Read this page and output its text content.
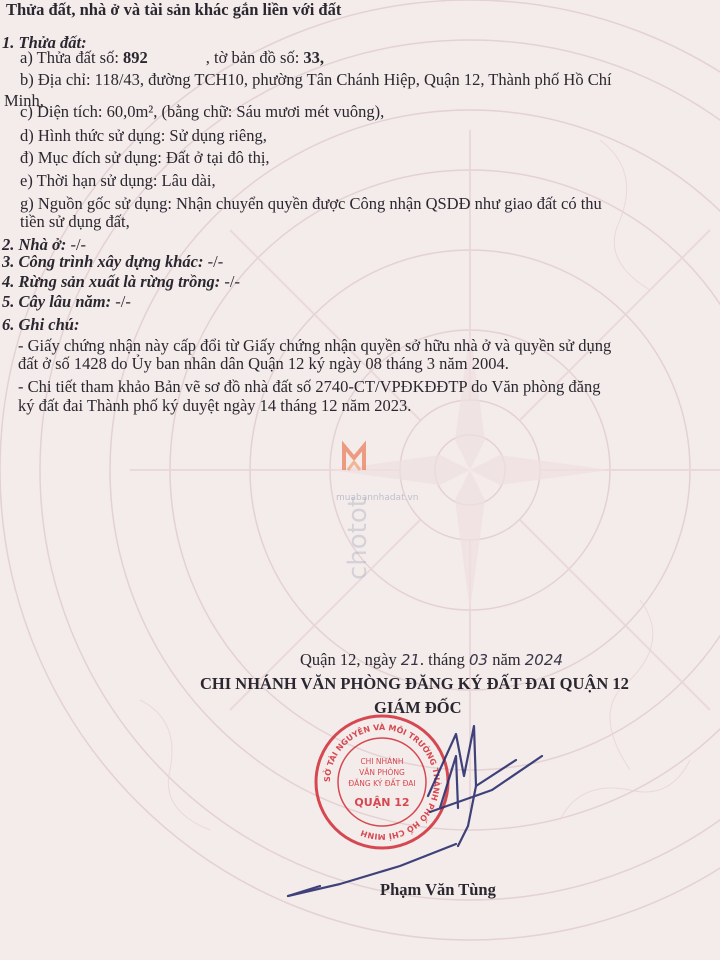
muabannhadat.vn
chotot
Thửa đất, nhà ở và tài sản khác gắn liền với đất
1. Thửa đất:
a) Thửa đất số: 892	, tờ bản đồ số: 33,
b) Địa chỉ: 118/43, đường TCH10, phường Tân Chánh Hiệp, Quận 12, Thành phố Hồ Chí
Minh,
c) Diện tích: 60,0m², (bằng chữ: Sáu mươi mét vuông),
d) Hình thức sử dụng: Sử dụng riêng,
đ) Mục đích sử dụng: Đất ở tại đô thị,
e) Thời hạn sử dụng: Lâu dài,
g) Nguồn gốc sử dụng: Nhận chuyển quyền được Công nhận QSDĐ như giao đất có thu
tiền sử dụng đất,
2. Nhà ở: -/-
3. Công trình xây dựng khác: -/-
4. Rừng sản xuất là rừng trồng: -/-
5. Cây lâu năm: -/-
6. Ghi chú:
- Giấy chứng nhận này cấp đổi từ Giấy chứng nhận quyền sở hữu nhà ở và quyền sử dụng
đất ở số 1428 do Ủy ban nhân dân Quận 12 ký ngày 08 tháng 3 năm 2004.
- Chi tiết tham khảo Bản vẽ sơ đồ nhà đất số 2740-CT/VPĐKĐĐTP do Văn phòng đăng
ký đất đai Thành phố ký duyệt ngày 14 tháng 12 năm 2023.
Quận 12, ngày 21. tháng 03 năm 2024
CHI NHÁNH VĂN PHÒNG ĐĂNG KÝ ĐẤT ĐAI QUẬN 12
GIÁM ĐỐC
Phạm Văn Tùng
SỞ TÀI NGUYÊN VÀ MÔI TRƯỜNG THÀNH PHỐ HỒ CHÍ MINH
CHI NHÁNH
VĂN PHÒNG
ĐĂNG KÝ ĐẤT ĐAI
QUẬN 12
